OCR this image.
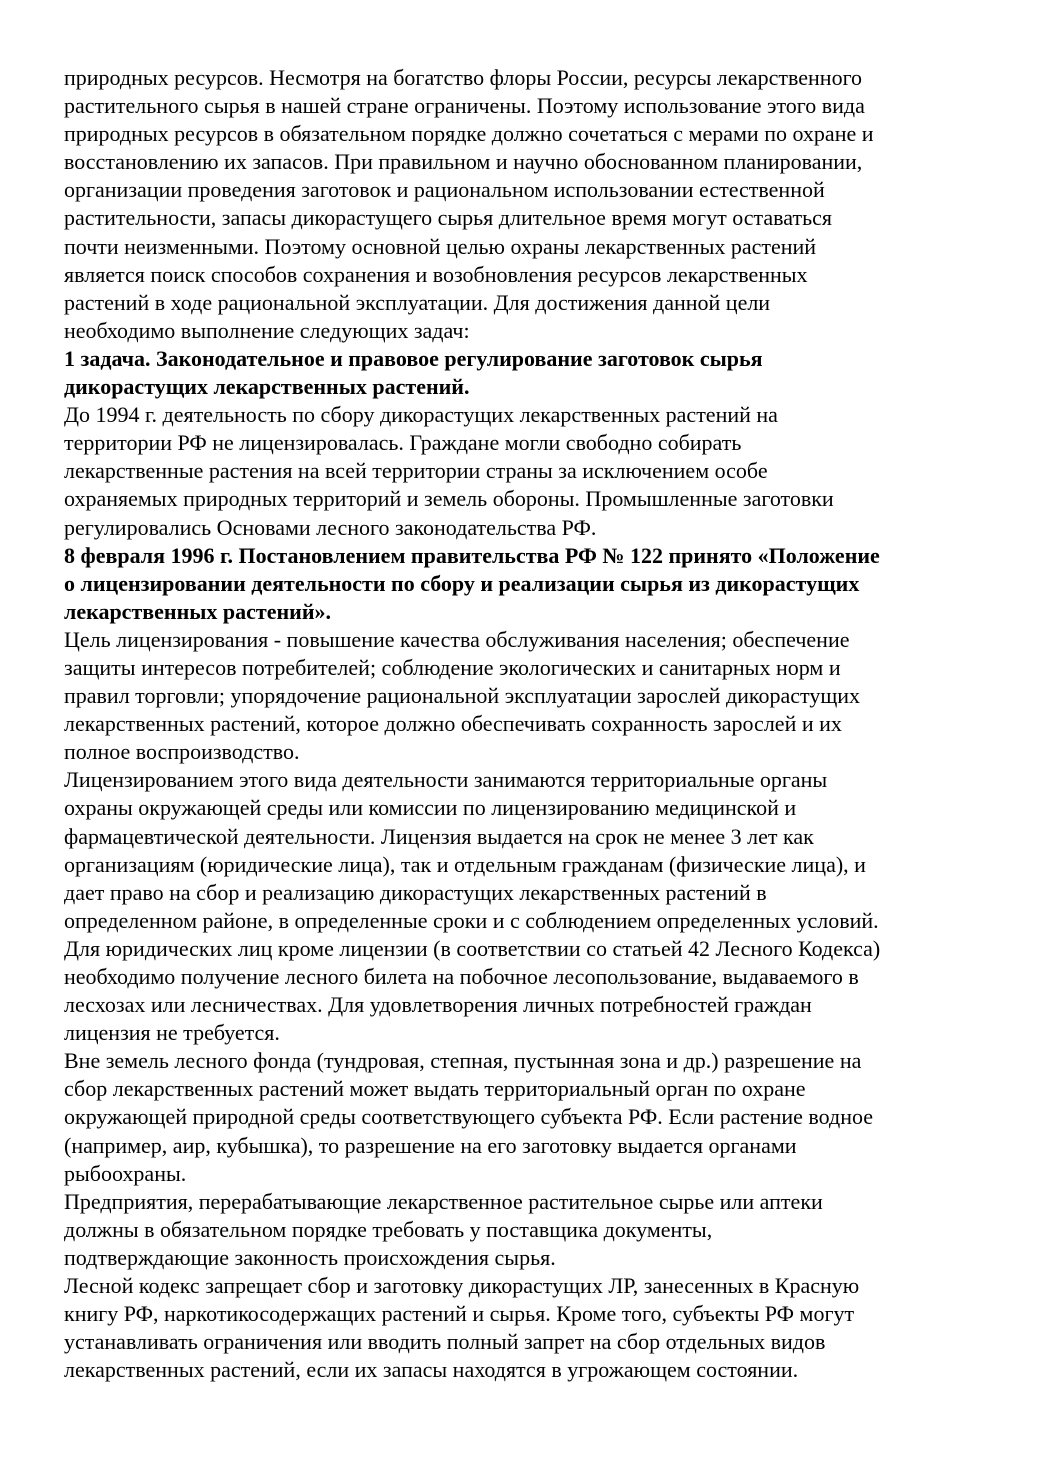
природных ресурсов. Несмотря на богатство флоры России, ресурсы лекарственного
растительного сырья в нашей стране ограничены. Поэтому использование этого вида
природных ресурсов в обязательном порядке должно сочетаться с мерами по охране и
восстановлению их запасов. При правильном и научно обоснованном планировании,
организации проведения заготовок и рациональном использовании естественной
растительности, запасы дикорастущего сырья длительное время могут оставаться
почти неизменными. Поэтому основной целью охраны лекарственных растений
является поиск способов сохранения и возобновления ресурсов лекарственных
растений в ходе рациональной эксплуатации. Для достижения данной цели
необходимо выполнение следующих задач:

1 задача. Законодательное и правовое регулирование заготовок сырья
дикорастущих лекарственных растений.

До 1994 г. деятельность по сбору дикорастущих лекарственных растений на
территории РФ не лицензировалась. Граждане могли свободно собирать
лекарственные растения на всей территории страны за исключением особе
охраняемых природных территорий и земель обороны. Промышленные заготовки
регулировались Основами лесного законодательства РФ.

8 февраля 1996 г. Постановлением правительства РФ № 122 принято «Положение
о лицензировании деятельности по сбору и реализации сырья из дикорастущих
лекарственных растений».

Цель лицензирования - повышение качества обслуживания населения; обеспечение
защиты интересов потребителей; соблюдение экологических и санитарных норм и
правил торговли; упорядочение рациональной эксплуатации зарослей дикорастущих
лекарственных растений, которое должно обеспечивать сохранность зарослей и их
полное воспроизводство.

Лицензированием этого вида деятельности занимаются территориальные органы
охраны окружающей среды или комиссии по лицензированию медицинской и
фармацевтической деятельности. Лицензия выдается на срок не менее 3 лет как
организациям (юридические лица), так и отдельным гражданам (физические лица), и
дает право на сбор и реализацию дикорастущих лекарственных растений в
определенном районе, в определенные сроки и с соблюдением определенных условий.
Для юридических лиц кроме лицензии (в соответствии со статьей 42 Лесного Кодекса)
необходимо получение лесного билета на побочное лесопользование, выдаваемого в
лесхозах или лесничествах. Для удовлетворения личных потребностей граждан
лицензия не требуется.

Вне земель лесного фонда (тундровая, степная, пустынная зона и др.) разрешение на
сбор лекарственных растений может выдать территориальный орган по охране
окружающей природной среды соответствующего субъекта РФ. Если растение водное
(например, аир, кубышка), то разрешение на его заготовку выдается органами
рыбоохраны.

Предприятия, перерабатывающие лекарственное растительное сырье или аптеки
должны в обязательном порядке требовать у поставщика документы,
подтверждающие законность происхождения сырья.

Лесной кодекс запрещает сбор и заготовку дикорастущих ЛР, занесенных в Красную
книгу РФ, наркотикосодержащих растений и сырья. Кроме того, субъекты РФ могут
устанавливать ограничения или вводить полный запрет на сбор отдельных видов
лекарственных растений, если их запасы находятся в угрожающем состоянии.
